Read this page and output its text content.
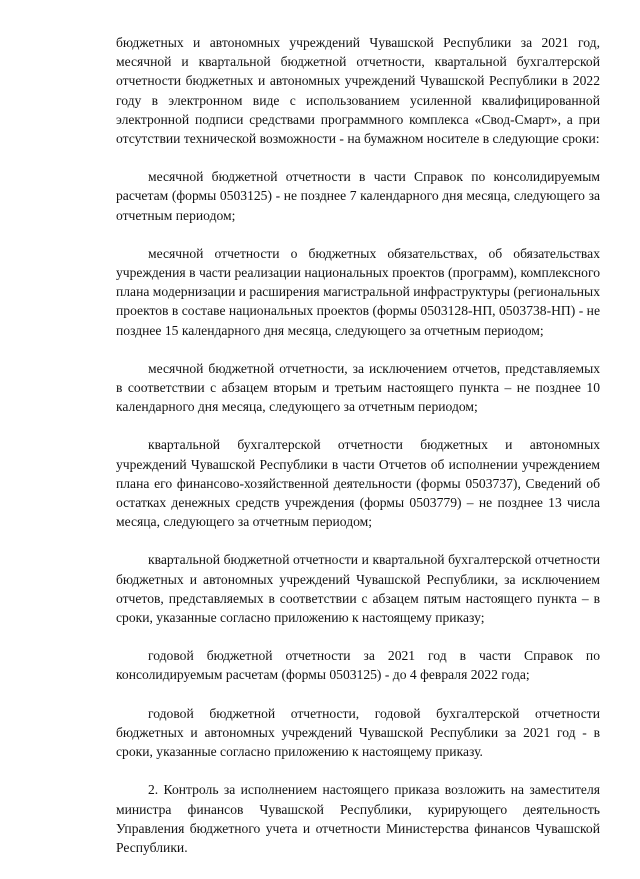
бюджетных и автономных учреждений Чувашской Республики за 2021 год, месячной и квартальной бюджетной отчетности, квартальной бухгалтерской отчетности бюджетных и автономных учреждений Чувашской Республики в 2022 году в электронном виде с использованием усиленной квалифицированной электронной подписи средствами программного комплекса «Свод-Смарт», а при отсутствии технической возможности - на бумажном носителе в следующие сроки:

месячной бюджетной отчетности в части Справок по консолидируемым расчетам (формы 0503125) - не позднее 7 календарного дня месяца, следующего за отчетным периодом;

месячной отчетности о бюджетных обязательствах, об обязательствах учреждения в части реализации национальных проектов (программ), комплексного плана модернизации и расширения магистральной инфраструктуры (региональных проектов в составе национальных проектов (формы 0503128-НП, 0503738-НП) - не позднее 15 календарного дня месяца, следующего за отчетным периодом;

месячной бюджетной отчетности, за исключением отчетов, представляемых в соответствии с абзацем вторым и третьим настоящего пункта – не позднее 10 календарного дня месяца, следующего за отчетным периодом;

квартальной бухгалтерской отчетности бюджетных и автономных учреждений Чувашской Республики в части Отчетов об исполнении учреждением плана его финансово-хозяйственной деятельности (формы 0503737), Сведений об остатках денежных средств учреждения (формы 0503779) – не позднее 13 числа месяца, следующего за отчетным периодом;

квартальной бюджетной отчетности и квартальной бухгалтерской отчетности бюджетных и автономных учреждений Чувашской Республики, за исключением отчетов, представляемых в соответствии с абзацем пятым настоящего пункта – в сроки, указанные согласно приложению к настоящему приказу;

годовой бюджетной отчетности за 2021 год в части Справок по консолидируемым расчетам (формы 0503125) - до 4 февраля 2022 года;

годовой бюджетной отчетности, годовой бухгалтерской отчетности бюджетных и автономных учреждений Чувашской Республики за 2021 год - в сроки, указанные согласно приложению к настоящему приказу.

2. Контроль за исполнением настоящего приказа возложить на заместителя министра финансов Чувашской Республики, курирующего деятельность Управления бюджетного учета и отчетности Министерства финансов Чувашской Республики.
